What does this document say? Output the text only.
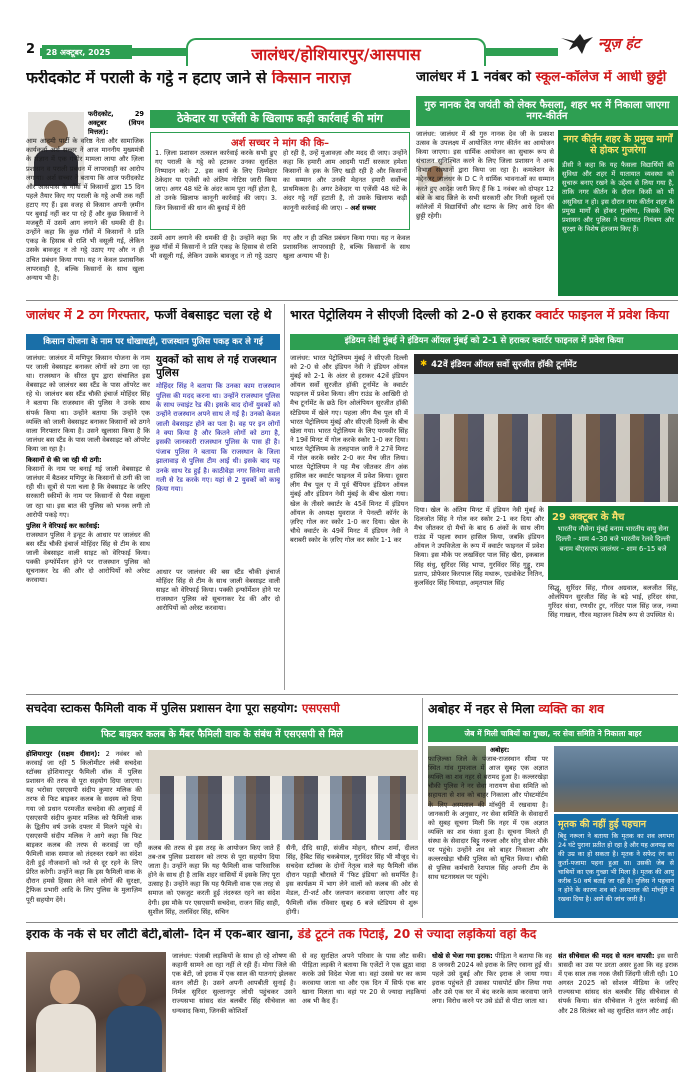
2	28 अक्टूबर, 2025	जालंधर/होशियारपुर/आसपास
न्यूज़ हंट
फरीदकोट में पराली के गट्ठे न हटाए जाने से किसान नाराज़
फरीदकोट, 29 अक्टूबर	(विपन मित्तल):
आम आदमी पार्टी के वरिष्ठ नेता और सामाजिक कार्यकर्ता अर्श सच्चर ने आज माननीय मुख्यमंत्री के संज्ञान में एक गंभीर मामला लाया और ज़िला प्रशासन व पराली प्रबंधन में लापरवाही का आरोप लगाया। अर्श सच्चर ने बताया कि आज फरीदकोट और आसपास के गाँवों में किसानों द्वारा 15 दिन पहले तैयार किए गए पराली के गट्ठे अभी तक नहीं हटाए गए हैं। इस वजह से किसान अपनी ज़मीन पर बुवाई नहीं कर पा रहे हैं और कुछ किसानों ने मजबूरी में उसमें आग लगाने की धमकी दी है। उन्होंने कहा कि कुछ गाँवों में किसानों ने प्रति एकड़ के हिसाब से राशि भी वसूली गई, लेकिन उसके बावजूद न तो गट्ठे उठाए गए और न ही उचित प्रबंधन किया गया। यह न केवल प्रशासनिक लापरवाही है, बल्कि किसानों के साथ खुला अन्याय भी है।
ठेकेदार या एजेंसी के खिलाफ कड़ी कार्रवाई की मांग
अर्श सच्चर ने मांग की कि–
1. ज़िला प्रशासन तत्काल कार्रवाई करके सभी ढुए गए पराली के गट्ठे को हटाकर उनका सुरक्षित निष्पादन करे। 2. इस कार्य के लिए जिम्मेदार ठेकेदार या एजेंसी को अंतिम नोटिस जारी किया जाए। अगर 48 घंटे के अंदर काम पूरा नहीं होता है, तो उनके खिलाफ कानूनी कार्रवाई की जाए। 3. जिन किसानों की धान की बुवाई में देरी
हो रही है, उन्हें मुआवज़ा और मदद दी जाए। उन्होंने कहा कि हमारी आम आदमी पार्टी सरकार हमेशा किसानों के हक के लिए खड़ी रही है और किसानों का सम्मान और उनकी मेहनत हमारी सर्वोच्च प्राथमिकता है। अगर ठेकेदार या एजेंसी 48 घंटे के अंदर गट्ठे नहीं हटाती है, तो उसके खिलाफ कड़ी कानूनी कार्रवाई की जाए। – अर्श सच्चर
उसमें आग लगाने की धमकी दी है। उन्होंने कहा कि कुछ गाँवों में किसानों ने प्रति एकड़ के हिसाब से राशि भी वसूली गई, लेकिन उसके बावजूद न तो गट्ठे उठाए गए और न ही उचित प्रबंधन किया गया। यह न केवल प्रशासनिक लापरवाही है, बल्कि किसानों के साथ खुला अन्याय भी है।
जालंधर में 1 नवंबर को स्कूल-कॉलेज में आधी छुट्टी
गुरु नानक देव जयंती को लेकर फैसला, शहर भर में निकाला जाएगा नगर-कीर्तन
जालंधर: जालंधर में श्री गुरु नानक देव जी के प्रकाश उत्सव के उपलक्ष्य में आयोजित नगर कीर्तन का आयोजन किया जाएगा। इस धार्मिक आयोजन का सुचारू रूप से संचालन सुनिश्चित करने के लिए जिला प्रशासन ने अन्य विभाग संस्थानों द्वारा किया जा रहा है। कमलेशन के मद्देनजर जालंधर के D C ने धार्मिक भावनाओं का सम्मान करते हुए आदेश जारी किए हैं कि 1 नवंबर को दोपहर 12 बजे के बाद जिले के सभी सरकारी और निजी स्कूलों एवं कॉलेजों में विद्यार्थियों और स्टाफ के लिए आधे दिन की छुट्टी रहेगी।
नगर कीर्तन शहर के प्रमुख मार्गों से होकर गुजरेगा
डीसी ने कहा कि यह फैसला विद्यार्थियों की सुविधा और शहर में यातायात व्यवस्था को सुचारू बनाए रखने के उद्देश्य से लिया गया है, ताकि नगर कीर्तन के दौरान किसी को भी असुविधा न हो। इस दौरान नगर कीर्तन शहर के प्रमुख मार्गों से होकर गुजरेगा, जिसके लिए प्रशासन और पुलिस ने यातायात नियंत्रण और सुरक्षा के विशेष इंतजाम किए हैं।
जालंधर में 2 ठग गिरफ्तार, फर्जी वेबसाइट चला रहे थे
किसान योजना के नाम पर धोखाधड़ी, राजस्थान पुलिस पकड़ कर ले गई
जालंधर: जालंधर में मणिपुर किसान योजना के नाम पर जाली वेबसाइट बनाकर लोगों को ठगा जा रहा था। राजस्थान के सीरत ग्रुप द्वारा संचालित इस वेबसाइट को जालंधर बस स्टैंड के पास ऑपरेट कर रहे थे। जालंधर बस स्टैंड चौकी इंचार्ज मोहिंदर सिंह ने बताया कि राजस्थान की पुलिस ने उनके साथ संपर्क किया था। उन्होंने बताया कि उन्होंने एक व्यक्ति को जाली वेबसाइट बनाकर किसानों को ठगने वाला गिरफ्तार किया है। उसने खुलासा किया है कि जालंधर बस स्टैंड के पास जाली वेबसाइट को ऑपरेट किया जा रहा है।
किसानों से की जा रही थी ठगी:
किसानों के नाम पर बनाई गई जाली वेबसाइट से जालंधर में बैठकर मणिपुर के किसानों से ठगी की जा रही थी। सूत्रों से पता चला है कि वेबसाइट के जरिए सरकारी स्कीमों के नाम पर किसानों से पैसा वसूला जा रहा था। इस बात की पुलिस को भनक लगी तो आरोपी पकड़े गए।
पुलिस ने वेरिफाई कर कार्रवाई:
राजस्थान पुलिस ने इन्हूट के आधार पर जालंधर की बस स्टैंड चौकी इंचार्ज मोहिंदर सिंह से टीम के साथ जाली वेबसाइट वाली साइट को वेरिफाई किया। पक्की इन्फॉर्मेशन होने पर राजस्थान पुलिस को सूचनाकर रेड की और दो आरोपियों को अरेस्ट करवाया।
युवकों को साथ ले गई राजस्थान पुलिस
मोहिंदर सिंह ने बताया कि उनका काम राजस्थान पुलिस की मदद करना था। उन्होंने राजस्थान पुलिस के साथ ज्वाइंट रेड की। इसके बाद दोनों युवकों को उन्होंने राजस्थान अपने साथ ले गई है। उनको केवल जाली वेबसाइट होने का पता है। वह पर इन लोगों ने क्या किया है और कितने लोगों को ठगा है, इसकी जानकारी राजस्थान पुलिस के पास ही है। पंजाब पुलिस ने बताया कि राजस्थान के जिला झालावाड़ से पुलिस टीम आई थी। इसके बाद यह उनके साथ रेड हुई है। काठीवेड़ा नगर सिनेमा वाली गली से रेड करके गए। यहां से 2 युवकों को काबू किया गया।
आधार पर जालंधर की बस स्टैंड चौकी इंचार्ज मोहिंदर सिंह से टीम के साथ जाली वेबसाइट वाली साइट को वेरिफाई किया। पक्की इन्फॉर्मेशन होने पर राजस्थान पुलिस को सूचनाकर रेड की और दो आरोपियों को अरेस्ट करवाया।
भारत पेट्रोलियम ने सीएजी दिल्ली को 2-0 से हराकर क्वार्टर फाइनल में प्रवेश किया
इंडियन नेवी मुंबई ने इंडियन ऑयल मुंबई को 2-1 से हराकर क्वार्टर फाइनल में प्रवेश किया
जालंधर: भारत पेट्रोलियम मुंबई ने सीएजी दिल्ली को 2-0 से और इंडियन नेवी ने इंडियन ऑयल मुंबई को 2-1 के अंतर से हराकर 42वें इंडियन ऑयल सर्वो सुरजीत हॉकी टूर्नामेंट के क्वार्टर फाइनल में प्रवेश किया। लीग राउंड के आखिरी दो मैच टूर्नामेंट के छठे दिन ओलंपियन सुरजीत हॉकी स्टेडियम में खेले गए। पहला लीग मैच पूल सी में भारत पेट्रोलियम मुंबई और सीएजी दिल्ली के बीच खेला गया। भारत पेट्रोलियम के लिए परमवीर सिंह ने 19वें मिनट में गोल करके स्कोर 1-0 कर दिया। भारत पेट्रोलियम के तलहपाल जारी ने 27वें मिनट में गोल करके स्कोर 2-0 कर मैच जीत लिया। भारत पेट्रोलियम ने यह मैच जीतकर तीन अंक हासिल कर क्वार्टर फाइनल में प्रवेश किया। दूसरा लीग मैच पूल ए में पूर्व चैंपियन इंडियन ऑयल मुंबई और इंडियन नेवी मुंबई के बीच खेला गया। खेल के तीसरे क्वार्टर के 45वें मिनट में इंडियन ऑयल के अध्यक्ष युवराज ने पेनल्टी कॉर्नर के ज़रिए गोल कर स्कोर 1-0 कर दिया। खेल के चौथे क्वार्टर के 49वें मिनट में इंडियन नेवी ने बराबरी स्कोर के ज़रिए गोल कर स्कोर 1-1 कर
✱ 42वें इंडियन ऑयल सर्वो सुरजीत हॉकी टूर्नामेंट
दिया। खेल के अंतिम मिनट में इंडियन नेवी मुंबई के दिलजोत सिंह ने गोल कर स्कोर 2-1 कर दिया और मैच जीतकर दो मैचों के बाद 6 अंकों के साथ लीग राउंड में पहला स्थान हासिल किया, जबकि इंडियन ऑयल ने उपविजेता के रूप में क्वार्टर फाइनल में प्रवेश किया। इस मौके पर लखविंदर पाल सिंह खैरा, इकबाल सिंह संधु, सुरिंदर सिंह भापा, गुरविंदर सिंह गुड्डू, राम प्रताप, प्रोफेसर किरपाल सिंह मथारू, एडवोकेट नितिन, कुलविंदर सिंह थियाड़ा, अमृतपाल सिंह
29 अक्टूबर के मैच
भारतीय नौसेना मुंबई बनाम भारतीय वायु सेना दिल्ली – शाम 4–30 बजे भारतीय रेलवे दिल्ली बनाम बीएसएफ जालंधर – शाम 6–15 बजे
सिद्धू, सुरिंदर सिंह, गौरव अग्रवाल, बलजीत सिंह, ओलंपियन सुरजीत सिंह के बड़े भाई, हरिंदर संघा, गुरिंदर संधा, रणधीर टुर, नरिंदर पाल सिंह जज, नव्या सिंह गाखल, गौरव महाजन विशेष रूप से उपस्थित थे।
सचदेवा स्टाकस फैमिली वाक में पुलिस प्रशासन देगा पूरा सहयोग: एसएसपी
फिट बाइकर कलब के मैंबर फैमिली वाक के संबंध में एसएसपी से मिले
होशियारपुर (सक्षम दीवान): 2 नवंबर को करवाई जा रही 5 किलोमीटर लंबी सचदेवा स्टॉक्स होशियारपुर फैमिली वॉक में पुलिस प्रशासन की तरफ से पूरा सहयोग दिया जाएगा। यह भरोसा एसएसपी संदीप कुमार मलिक की तरफ से फिट बाइकर कलब के सदस्य को दिया गया जो प्रधान परमजीत सचदेवा की अगुवाई में एसएसपी संदीप कुमार मलिक को फैमिली वाक के द्वितीय वर्ष उनके दफ्तर में मिलने पहुंचे थे। एसएसपी संदीप मलिक ने आगे कहा कि फिट बाइकर कलब की तरफ से करवाई जा रही फैमिली वाक समाज को तंदरुस्त रखने का संदेश देती हुई नौजवानों को नशे से दूर रहने के लिए प्रेरित करेगी। उन्होंने कहा कि इस फैमिली वाक के दौरान हमसे हिस्सा लेने वाले लोगों की सुरक्षा, ट्रैफिक प्रभारी आदि के लिए पुलिस के मुलाज़िम पूरी सहयोग देंगे।
कलब की तरफ से इस तरह के आयोजन किए जाते हैं तब-तब पुलिस प्रशासन को तरफ से पूरा सहयोग दिया जाता है। उन्होंने कहा कि यह फैमिली वाक पारिवारिक होने के साथ ही है ताकि शहर वासियों में इसके लिए पूरा उत्साह है। उन्होंने कहा कि यह फैमिली वाक एक तरह से समाज को एकजुट करती हुई तंदरुस्त रहने का संदेश देगी। इस मौके पर एसएसपी सचदेवा, राजन सिंह साही, सुशील सिंह, तलविंदर सिंह, सचिन
सैनी, दीदि साही, संजीव मोहन, सौरभ शर्मा, दीलत सिंह, हैबिट सिंह चकबेयाल, गुरविंदर सिंह भी मौजूद थे। सचदेवा स्टॉक्स के दोनों नेतृत्व वाले यह फैमिली वॉक दौरान पहाड़ी चौरास्ते में 'फिट इंडिया' को समर्पित है। इस कार्यक्रम में भाग लेने वालों को कलब की ओर से मेडल, टी-शर्ट और जलपान करवाया जाएगा और यह फैमिली वॉक रविवार सुबह 6 बजे स्टेडियम से शुरू होगी।
अबोहर में नहर से मिला व्यक्ति का शव
जेब में मिली चाबियों का गुच्छा, नर सेवा समिति ने निकाला बाहर
अबोहर:
फाज़िल्का जिले के पंजाब-राजस्थान सीमा पर स्थित गांव गुमजाल में आज सुबह एक अज्ञात व्यक्ति का शव नहर से बरामद हुआ है। कल्लरखेड़ा चौकी पुलिस ने नर सेवा नारायण सेवा समिति को सहायता से शव को बाहर निकाला और पोस्टमॉर्टम के लिए अस्पताल की मॉर्च्युरी में रखवाया है। जानकारी के अनुसार, नर सेवा समिति के सेवादारों को सुबह सूचना मिली कि नहर में एक अज्ञात व्यक्ति का शव फंसा हुआ है। सूचना मिलते ही संस्था के सेवादार बिट्टू नरूला और सोनू ग्रोवर मौके पर पहुंचे। उन्होंने शव को बाहर निकाला और कल्लरखेड़ा चौकी पुलिस को सूचित किया। चौकी से पुलिस कर्मचारी रेशपाल सिंह अपनी टीम के साथ घटनास्थल पर पहुंचे।
मृतक की नहीं हुई पहचान
बिट्टू नरूला ने बताया कि मृतक का शव लगभग 24 घंटे पुराना प्रतीत हो रहा है और यह अनपढ़ स्थ की उम्र का हो सकता है। मृतक ने सफेद रंग का कुर्ता-पजामा पहना हुआ था। उसकी जेब से चाबियों का एक गुच्छा भी मिला है। मृतक की आयु करीब 50 वर्ष बताई जा रही है। पुलिस ने पहचान न होने के कारण शव को अस्पताल की मॉर्च्युरी में रखवा दिया है। आगे की जांच जारी है।
इराक के नर्क से घर लौटी बेटी,बोली- दिन में एक-बार खाना, डंडे टूटने तक पिटाई, 20 से ज्यादा लड़कियां वहां कैद
जालंधर: पंजाबी लड़कियों के साथ हो रहे शोषण की कहानी सामने आ रहा नहीं ले रही हैं। मोगा जिले की एक बेटी, जो इराक में एक साल की यातनाएं झेलकर वतन लौटी है। उसने अपनी आपबीती सुनाई है। निर्मल सुरिंदर सुल्तानपुर लोधी पहुंचकर उसने राज्यसभा सांसद संत बलबीर सिंह सीचेवाल का धन्यवाद किया, जिनकी कोशिशों
से वह सुरक्षित अपने परिवार के पास लौट सकी। पीड़िता लड़की ने बताया कि एजेंटों ने एक झूठा वादा करके उसे विदेश भेजा था। वहां उससे घर का काम करवाया जाता था और एक दिन में सिर्फ एक बार खाना मिलता था। वहां पर 20 से ज्यादा लड़कियां अब भी कैद हैं।
धोखे से भेजा गया इराक: पीड़िता ने बताया कि वह 8 जनवरी 2024 को इराक के लिए रवाना हुई थी। पहले उसे दुबई और फिर इराक ले जाया गया। इराक पहुंचते ही उसका पासपोर्ट छीन लिया गया और उसे एक घर में बंद करके काम करवाया जाने लगा। विरोध करने पर उसे डंडों से पीटा जाता था।
संत सीचेवाल की मदद से वतन वापसी: इस सारी त्रासदी का उस पर डरता असर हुआ कि वह इराक में एक साल तक नरक जैसी जिंदगी जीती रही। 10 अगस्त 2025 को सोशल मीडिया के जरिए राज्यसभा सांसद संत बलबीर सिंह सीचेवाल से संपर्क किया। संत सीचेवाल ने तुरंत कार्रवाई की और 28 सितंबर को वह सुरक्षित वतन लौट आई।
